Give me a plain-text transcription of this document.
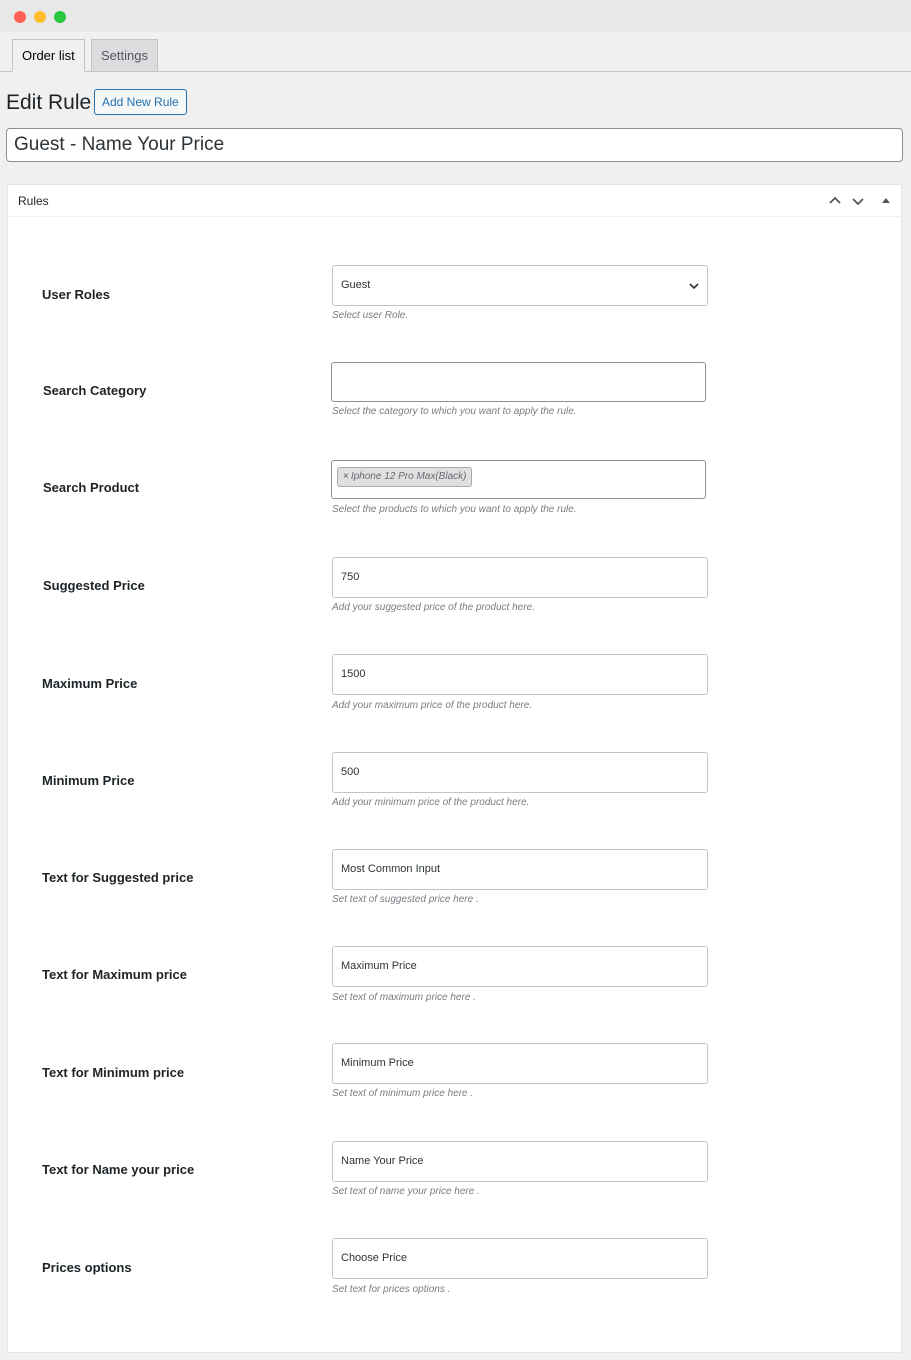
Order list	Settings
Edit Rule Add New Rule
Guest - Name Your Price
Rules
User Roles
Guest
Select user Role.
Search Category
Select the category to which you want to apply the rule.
Search Product
× Iphone 12 Pro Max(Black)
Select the products to which you want to apply the rule.
Suggested Price
750
Add your suggested price of the product here.
Maximum Price
1500
Add your maximum price of the product here.
Minimum Price
500
Add your minimum price of the product here.
Text for Suggested price
Most Common Input
Set text of suggested price here .
Text for Maximum price
Maximum Price
Set text of maximum price here .
Text for Minimum price
Minimum Price
Set text of minimum price here .
Text for Name your price
Name Your Price
Set text of name your price here .
Prices options
Choose Price
Set text for prices options .
